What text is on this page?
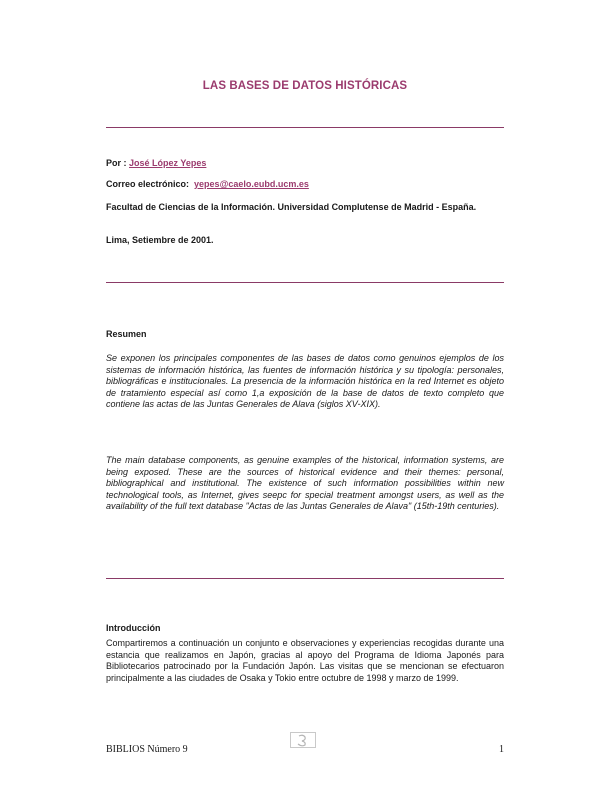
LAS BASES DE DATOS HISTÓRICAS
Por : José López Yepes
Correo electrónico: yepes@caelo.eubd.ucm.es
Facultad de Ciencias de la Información. Universidad Complutense de Madrid - España.
Lima, Setiembre de 2001.
Resumen
Se exponen los principales componentes de las bases de datos como genuinos ejemplos de los sistemas de información histórica, las fuentes de información histórica y su tipología: personales, bibliográficas e institucionales. La presencia de la información histórica en la red Internet es objeto de tratamiento especial así como 1,a exposición de la base de datos de texto completo que contiene las actas de las Juntas Generales de Alava (siglos XV-XIX).
The main database components, as genuine examples of the historical, information systems, are being exposed. These are the sources of historical evidence and their themes: personal, bibliographical and institutional. The existence of such information possibilities within new technological tools, as Internet, gives seepc for special treatment amongst users, as well as the availability of the full text database "Actas de las Juntas Generales de Alava" (15th-19th centuries).
Introducción
Compartiremos a continuación un conjunto e observaciones y experiencias recogidas durante una estancia que realizamos en Japón, gracias al apoyo del Programa de Idioma Japonés para Bibliotecarios patrocinado por la Fundación Japón. Las visitas que se mencionan se efectuaron principalmente a las ciudades de Osaka y Tokio entre octubre de 1998 y marzo de 1999.
BIBLIOS Número 9	1
